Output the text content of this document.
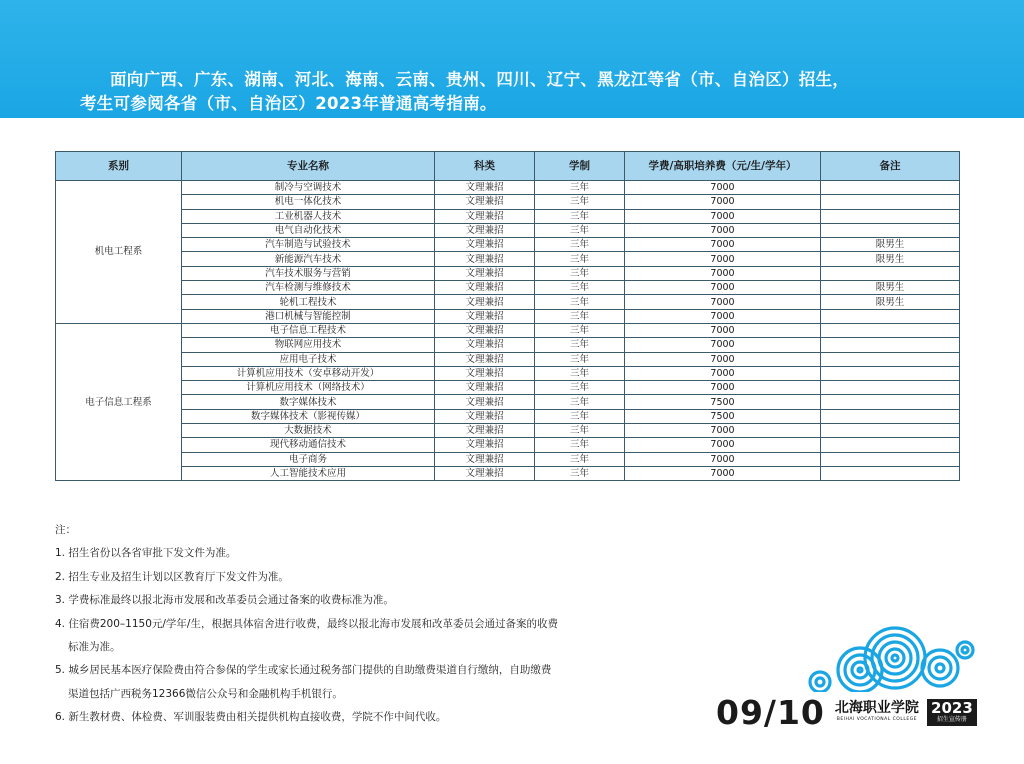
面向广西、广东、湖南、河北、海南、云南、贵州、四川、辽宁、黑龙江等省（市、自治区）招生，
考生可参阅各省（市、自治区）2023年普通高考指南。
系别	专业名称	科类	学制	学费/高职培养费（元/生/学年）	备注
机电工程系	制冷与空调技术	文理兼招	三年	7000	
	机电一体化技术	文理兼招	三年	7000	
	工业机器人技术	文理兼招	三年	7000	
	电气自动化技术	文理兼招	三年	7000	
	汽车制造与试验技术	文理兼招	三年	7000	限男生
	新能源汽车技术	文理兼招	三年	7000	限男生
	汽车技术服务与营销	文理兼招	三年	7000	
	汽车检测与维修技术	文理兼招	三年	7000	限男生
	轮机工程技术	文理兼招	三年	7000	限男生
	港口机械与智能控制	文理兼招	三年	7000	
电子信息工程系	电子信息工程技术	文理兼招	三年	7000	
	物联网应用技术	文理兼招	三年	7000	
	应用电子技术	文理兼招	三年	7000	
	计算机应用技术（安卓移动开发）	文理兼招	三年	7000	
	计算机应用技术（网络技术）	文理兼招	三年	7000	
	数字媒体技术	文理兼招	三年	7500	
	数字媒体技术（影视传媒）	文理兼招	三年	7500	
	大数据技术	文理兼招	三年	7000	
	现代移动通信技术	文理兼招	三年	7000	
	电子商务	文理兼招	三年	7000	
	人工智能技术应用	文理兼招	三年	7000	

注：

1. 招生省份以各省审批下发文件为准。

2. 招生专业及招生计划以区教育厅下发文件为准。

3. 学费标准最终以报北海市发展和改革委员会通过备案的收费标准为准。

4. 住宿费200–1150元/学年/生，根据具体宿舍进行收费，最终以报北海市发展和改革委员会通过备案的收费

标准为准。

5. 城乡居民基本医疗保险费由符合参保的学生或家长通过税务部门提供的自助缴费渠道自行缴纳，自助缴费

渠道包括广西税务12366微信公众号和金融机构手机银行。

6. 新生教材费、体检费、军训服装费由相关提供机构直接收费，学院不作中间代收。	09/10 北海职业学院
BEIHAI VOCATIONAL COLLEGE
2023
招生宣传册
